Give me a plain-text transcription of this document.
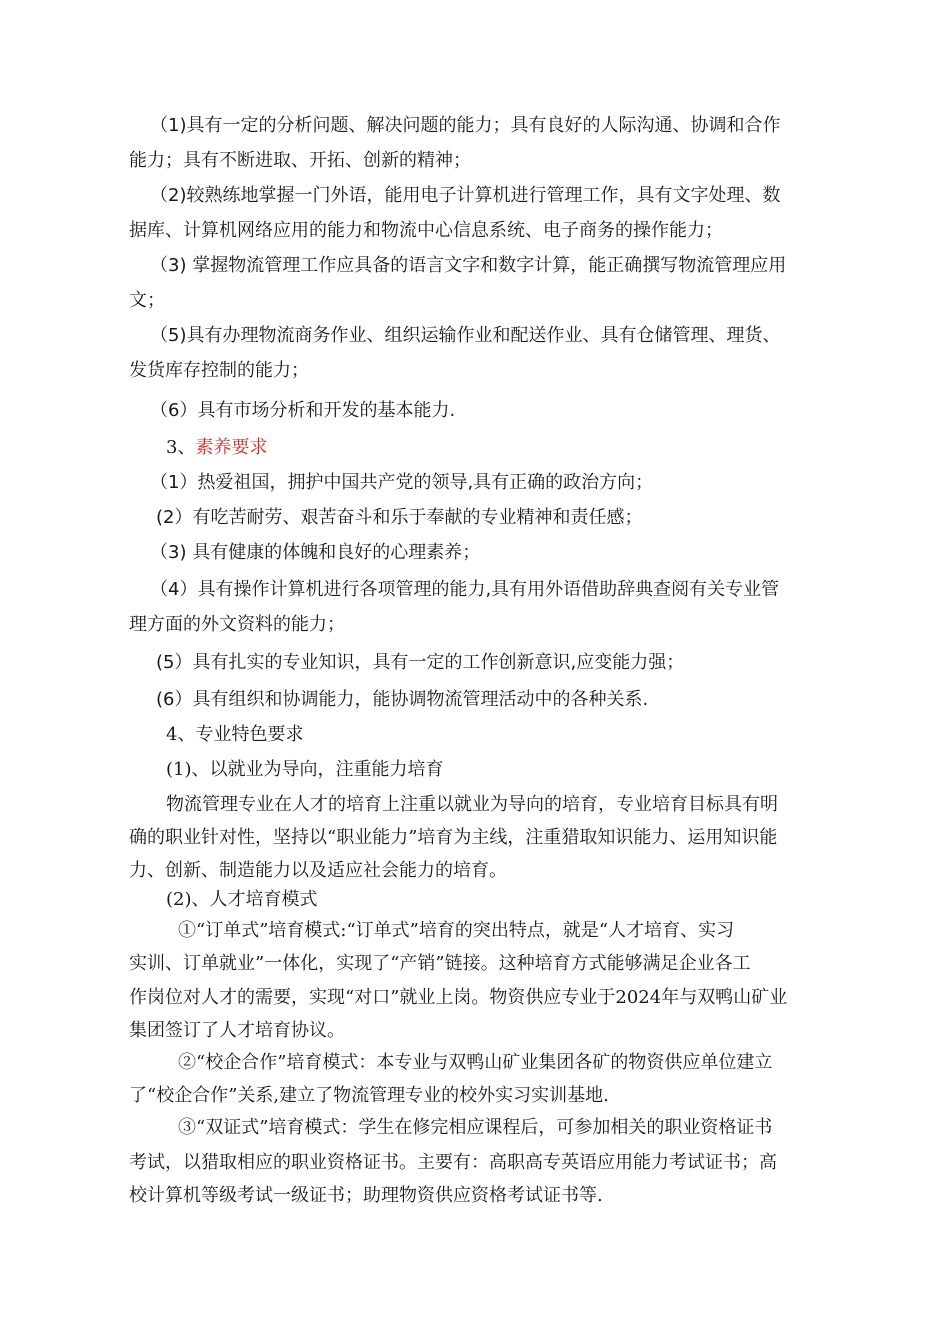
（1)具有一定的分析问题、解决问题的能力；具有良好的人际沟通、协调和合作

能力；具有不断进取、开拓、创新的精神；

（2)较熟练地掌握一门外语，能用电子计算机进行管理工作，具有文字处理、数

据库、计算机网络应用的能力和物流中心信息系统、电子商务的操作能力；

（3) 掌握物流管理工作应具备的语言文字和数字计算，能正确撰写物流管理应用

文；

（5)具有办理物流商务作业、组织运输作业和配送作业、具有仓储管理、理货、

发货库存控制的能力；

（6）具有市场分析和开发的基本能力.

3、素养要求

（1）热爱祖国，拥护中国共产党的领导,具有正确的政治方向；

(2）有吃苦耐劳、艰苦奋斗和乐于奉献的专业精神和责任感；

（3) 具有健康的体魄和良好的心理素养；

（4）具有操作计算机进行各项管理的能力,具有用外语借助辞典查阅有关专业管

理方面的外文资料的能力；

(5）具有扎实的专业知识，具有一定的工作创新意识,应变能力强；

(6）具有组织和协调能力，能协调物流管理活动中的各种关系.

4、专业特色要求

(1)、以就业为导向，注重能力培育

物流管理专业在人才的培育上注重以就业为导向的培育，专业培育目标具有明

确的职业针对性，坚持以“职业能力”培育为主线，注重猎取知识能力、运用知识能

力、创新、制造能力以及适应社会能力的培育。

(2)、人才培育模式

①“订单式”培育模式:“订单式”培育的突出特点，就是“人才培育、实习

实训、订单就业”一体化，实现了“产销”链接。这种培育方式能够满足企业各工

作岗位对人才的需要，实现“对口”就业上岗。物资供应专业于2024年与双鸭山矿业

集团签订了人才培育协议。

②“校企合作”培育模式：本专业与双鸭山矿业集团各矿的物资供应单位建立

了“校企合作”关系,建立了物流管理专业的校外实习实训基地.

③“双证式”培育模式：学生在修完相应课程后，可参加相关的职业资格证书

考试，以猎取相应的职业资格证书。主要有：高职高专英语应用能力考试证书；高

校计算机等级考试一级证书；助理物资供应资格考试证书等.
